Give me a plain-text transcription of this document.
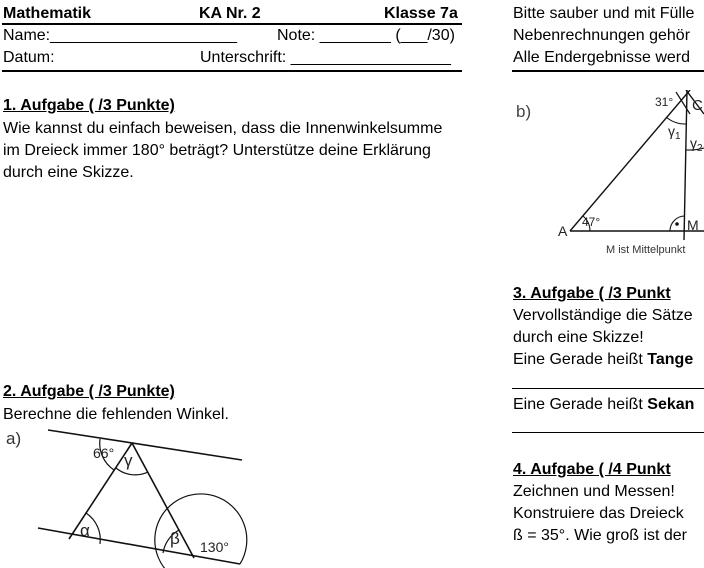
Mathematik	KA Nr. 2	Klasse 7a
Name:_____________________	Note: ________ (___/30)
Datum:	Unterschrift: __________________
1. Aufgabe ( /3 Punkte)
Wie kannst du einfach beweisen, dass die Innenwinkelsumme
im Dreieck immer 180° beträgt? Unterstütze deine Erklärung
durch eine Skizze.
2. Aufgabe ( /3 Punkte)
Berechne die fehlenden Winkel.
a)
66° γ
α	β 130°
Bitte sauber und mit Fülle
Nebenrechnungen gehör
Alle Endergebnisse werd
b)	31° C
$\gamma_1$ $\gamma_2$
47°
A	M
M ist Mittelpunkt
3. Aufgabe ( /3 Punkt
Vervollständige die Sätze
durch eine Skizze!
Eine Gerade heißt Tange
Eine Gerade heißt Sekan
4. Aufgabe ( /4 Punkt
Zeichnen und Messen!
Konstruiere das Dreieck
ß = 35°. Wie groß ist der
